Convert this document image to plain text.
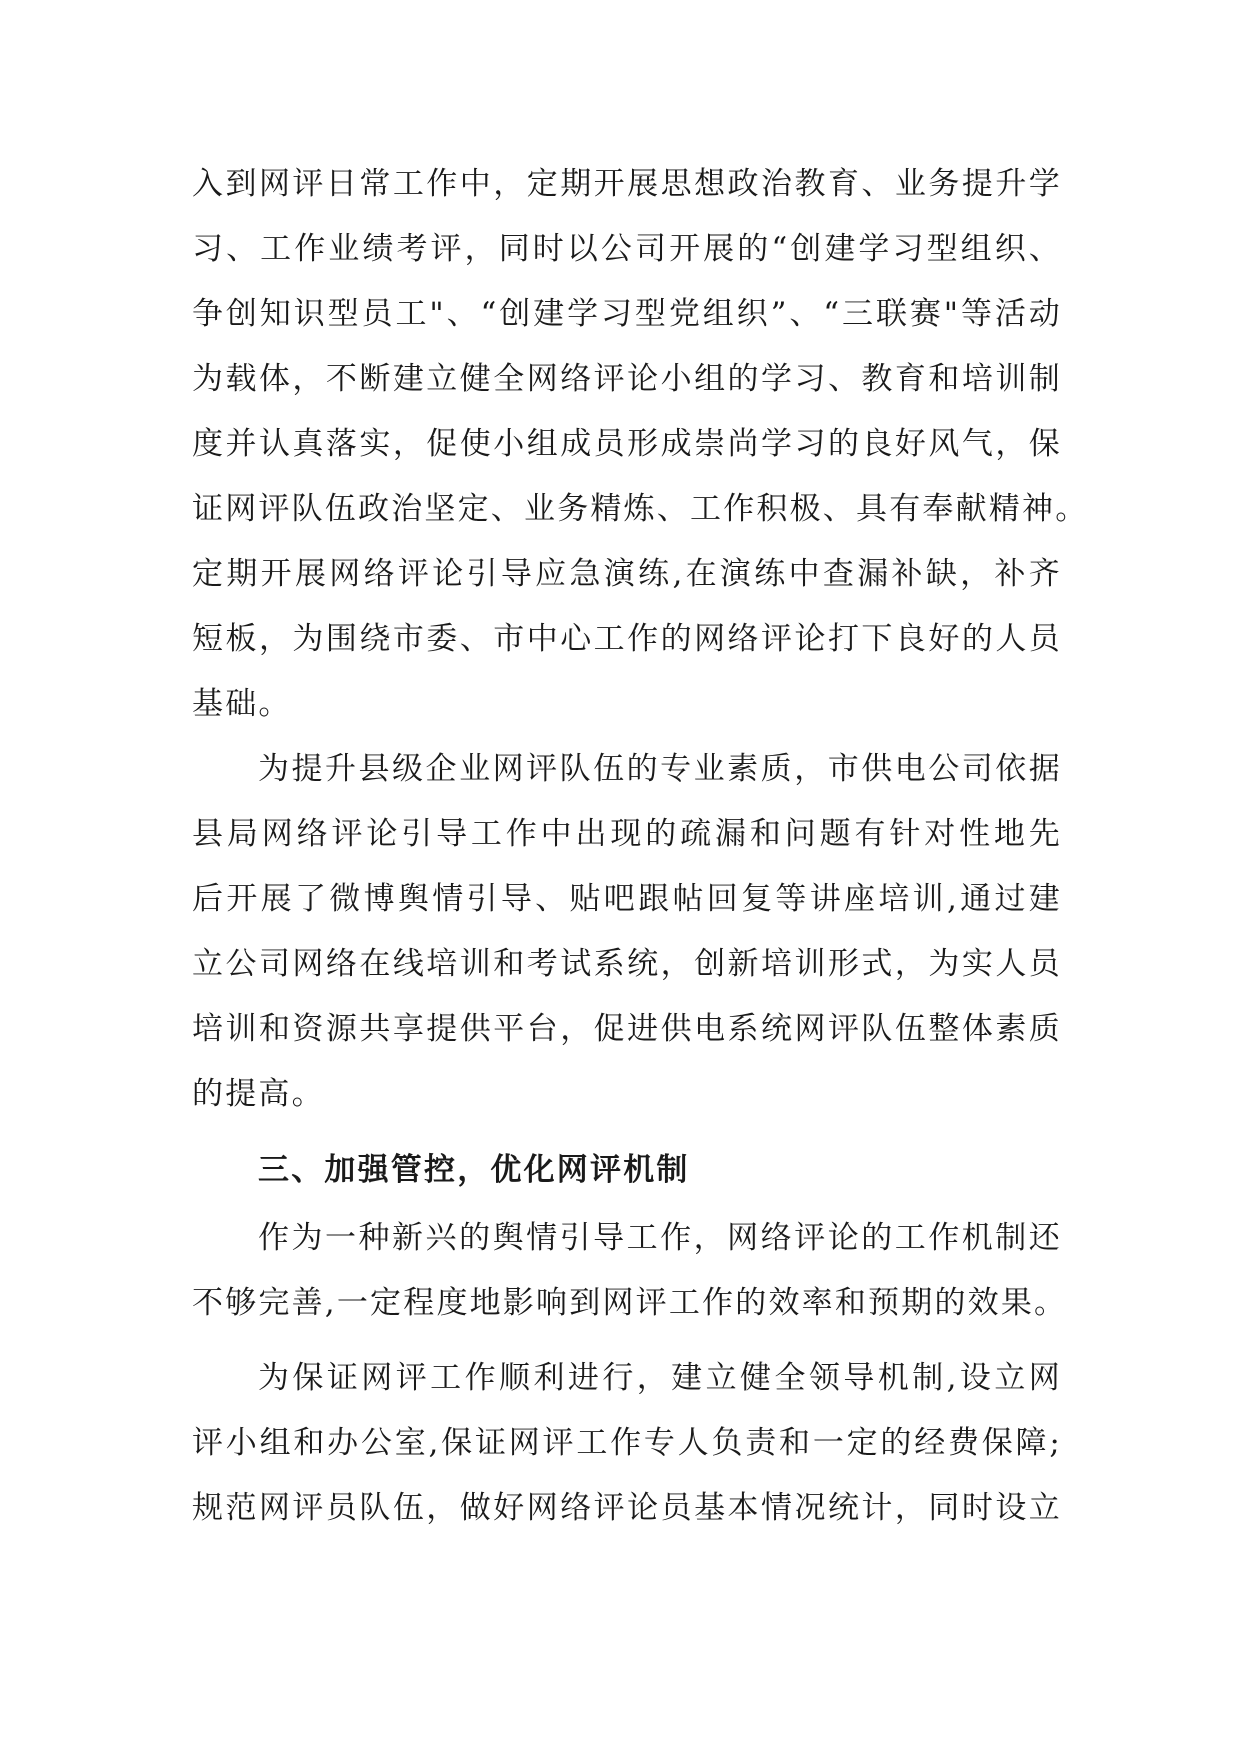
入到网评日常工作中，定期开展思想政治教育、业务提升学
习、工作业绩考评，同时以公司开展的“创建学习型组织、
争创知识型员工"、“创建学习型党组织”、“三联赛"等活动
为载体，不断建立健全网络评论小组的学习、教育和培训制
度并认真落实，促使小组成员形成崇尚学习的良好风气，保
证网评队伍政治坚定、业务精炼、工作积极、具有奉献精神。
定期开展网络评论引导应急演练,在演练中查漏补缺，补齐
短板，为围绕市委、市中心工作的网络评论打下良好的人员
基础。
为提升县级企业网评队伍的专业素质，市供电公司依据
县局网络评论引导工作中出现的疏漏和问题有针对性地先
后开展了微博舆情引导、贴吧跟帖回复等讲座培训,通过建
立公司网络在线培训和考试系统，创新培训形式，为实人员
培训和资源共享提供平台，促进供电系统网评队伍整体素质
的提高。
三、加强管控，优化网评机制
作为一种新兴的舆情引导工作，网络评论的工作机制还
不够完善,一定程度地影响到网评工作的效率和预期的效果。
为保证网评工作顺利进行，建立健全领导机制,设立网
评小组和办公室,保证网评工作专人负责和一定的经费保障;
规范网评员队伍，做好网络评论员基本情况统计，同时设立
